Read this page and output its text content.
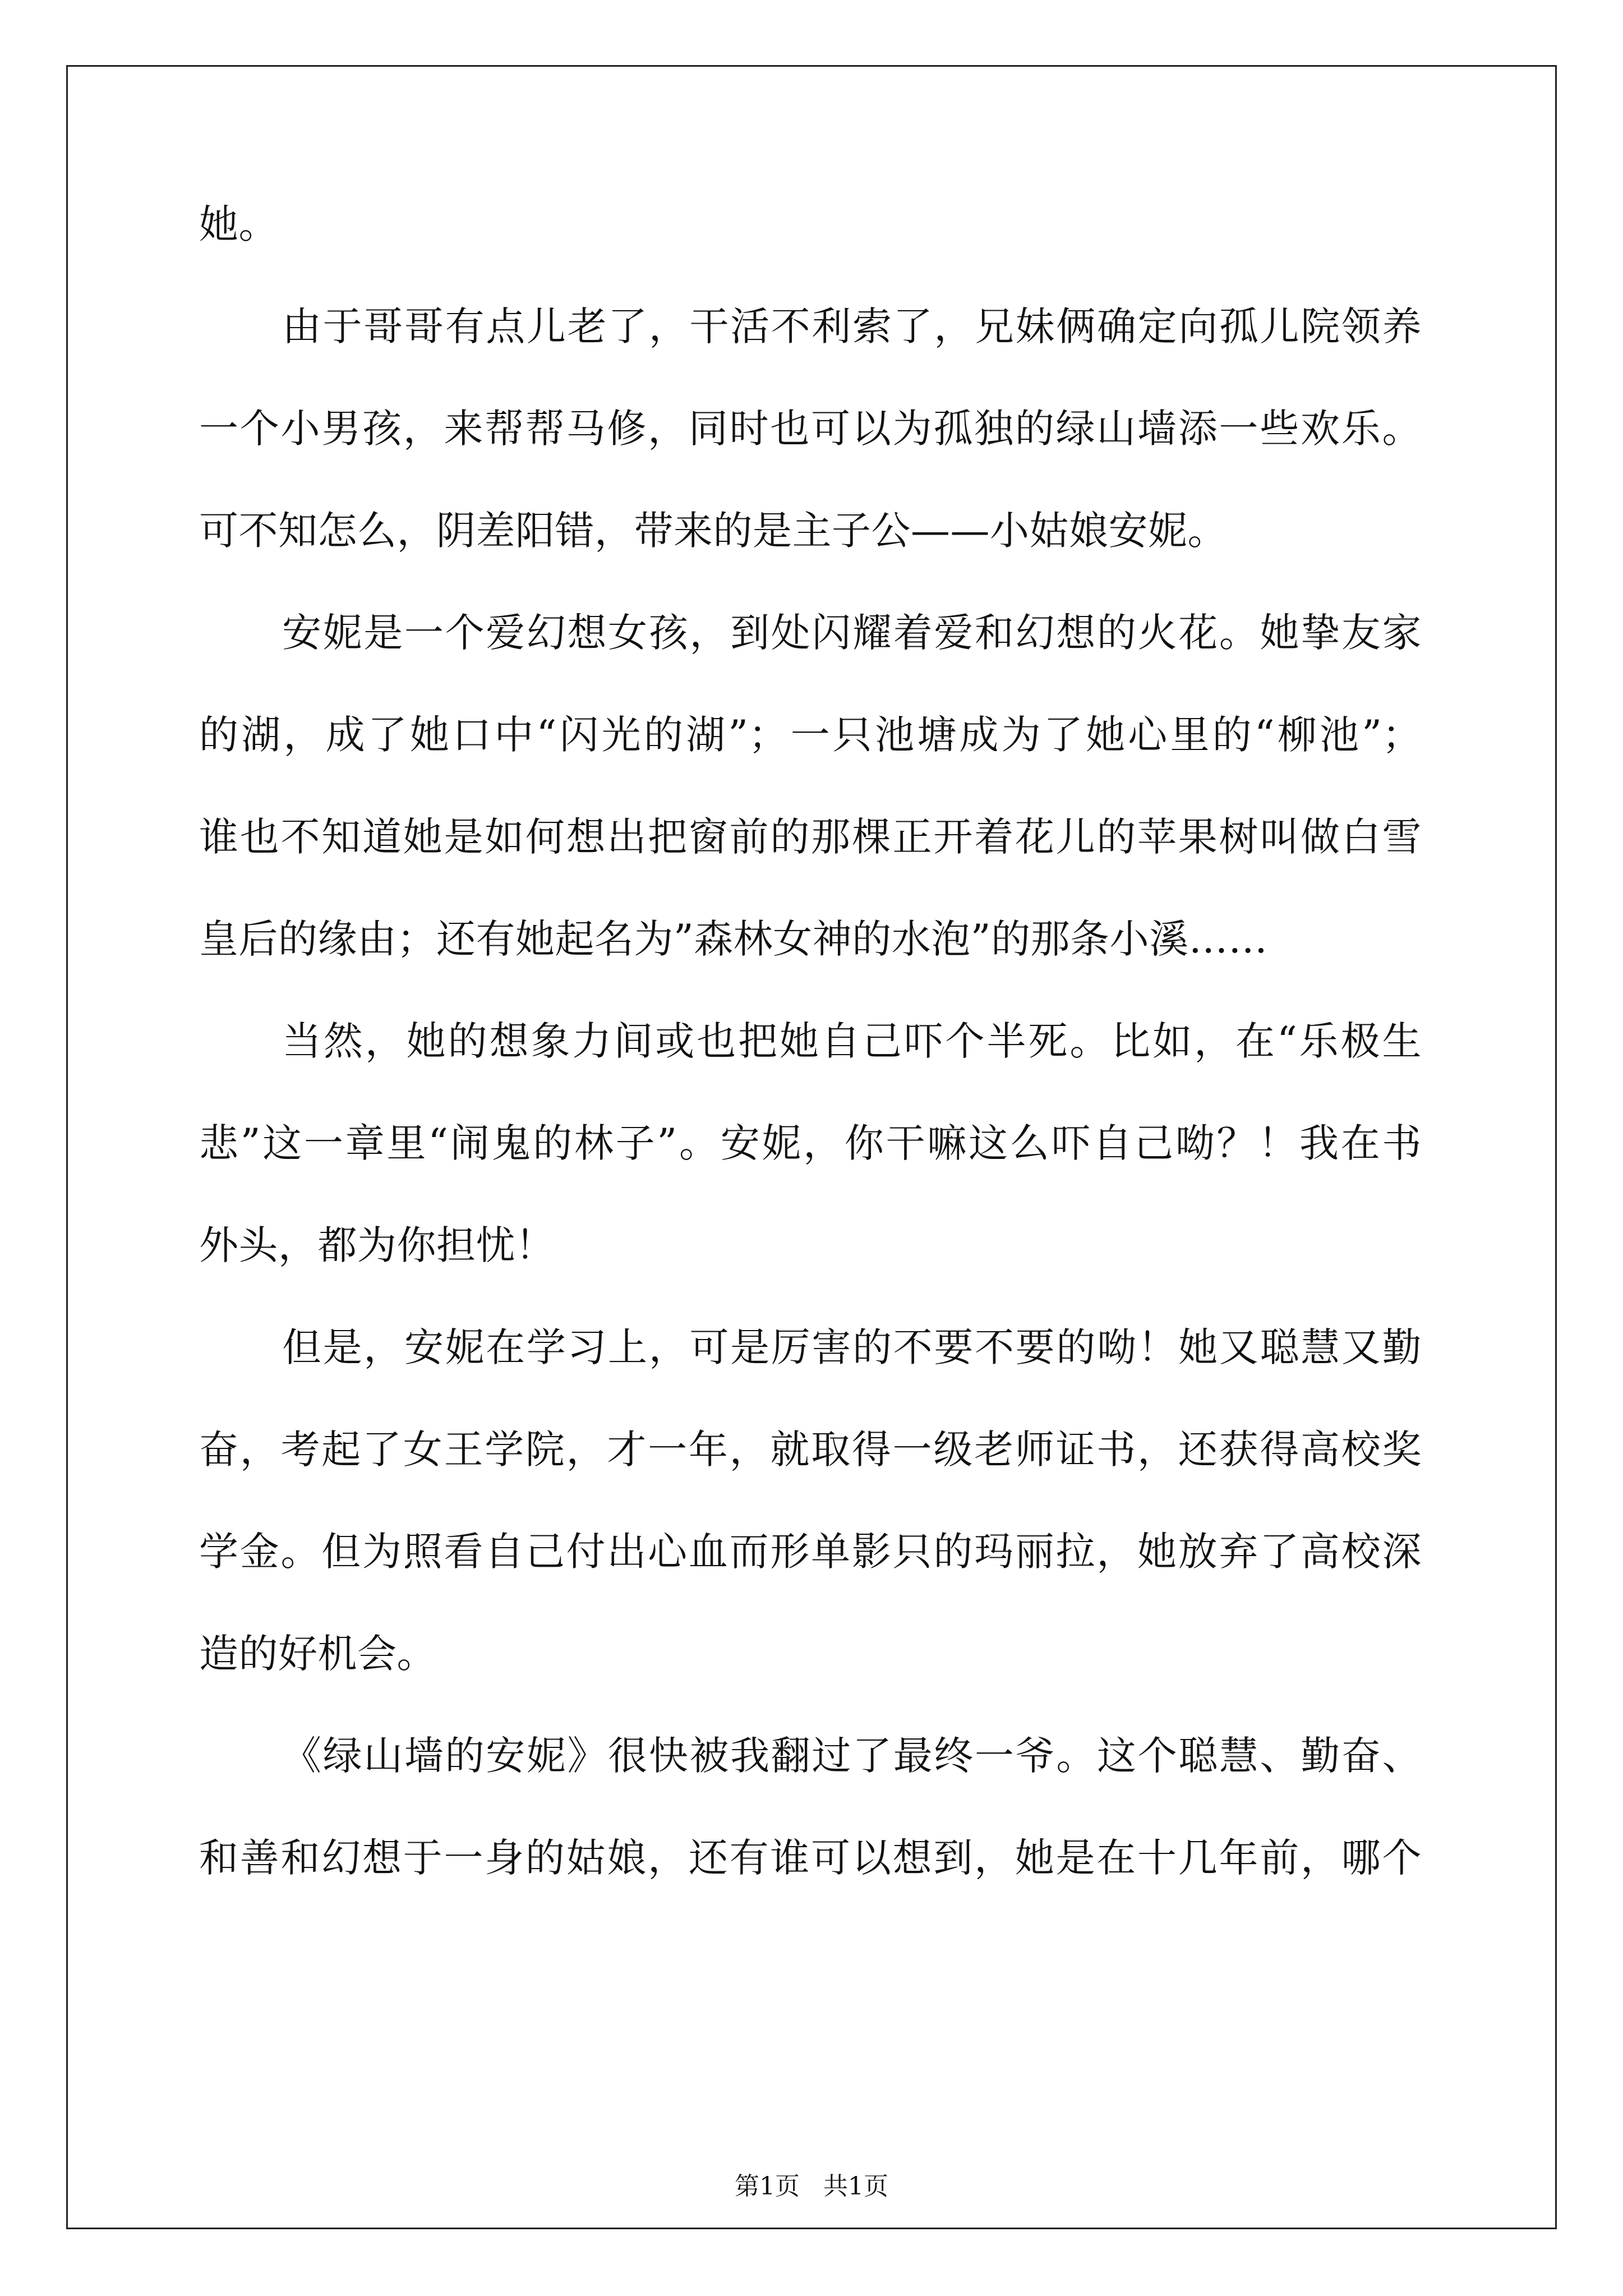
她。
由于哥哥有点儿老了，干活不利索了，兄妹俩确定向孤儿院领养
一个小男孩，来帮帮马修，同时也可以为孤独的绿山墙添一些欢乐。
可不知怎么，阴差阳错，带来的是主子公——小姑娘安妮。
安妮是一个爱幻想女孩，到处闪耀着爱和幻想的火花。她挚友家
的湖，成了她口中“闪光的湖”；一只池塘成为了她心里的“柳池”；
谁也不知道她是如何想出把窗前的那棵正开着花儿的苹果树叫做白雪
皇后的缘由；还有她起名为”森林女神的水泡”的那条小溪……
当然，她的想象力间或也把她自己吓个半死。比如，在“乐极生
悲”这一章里“闹鬼的林子”。安妮，你干嘛这么吓自己呦？！我在书
外头，都为你担忧！
但是，安妮在学习上，可是厉害的不要不要的呦！她又聪慧又勤
奋，考起了女王学院，才一年，就取得一级老师证书，还获得高校奖
学金。但为照看自己付出心血而形单影只的玛丽拉，她放弃了高校深
造的好机会。
《绿山墙的安妮》很快被我翻过了最终一爷。这个聪慧、勤奋、
和善和幻想于一身的姑娘，还有谁可以想到，她是在十几年前，哪个
第1页   共1页
